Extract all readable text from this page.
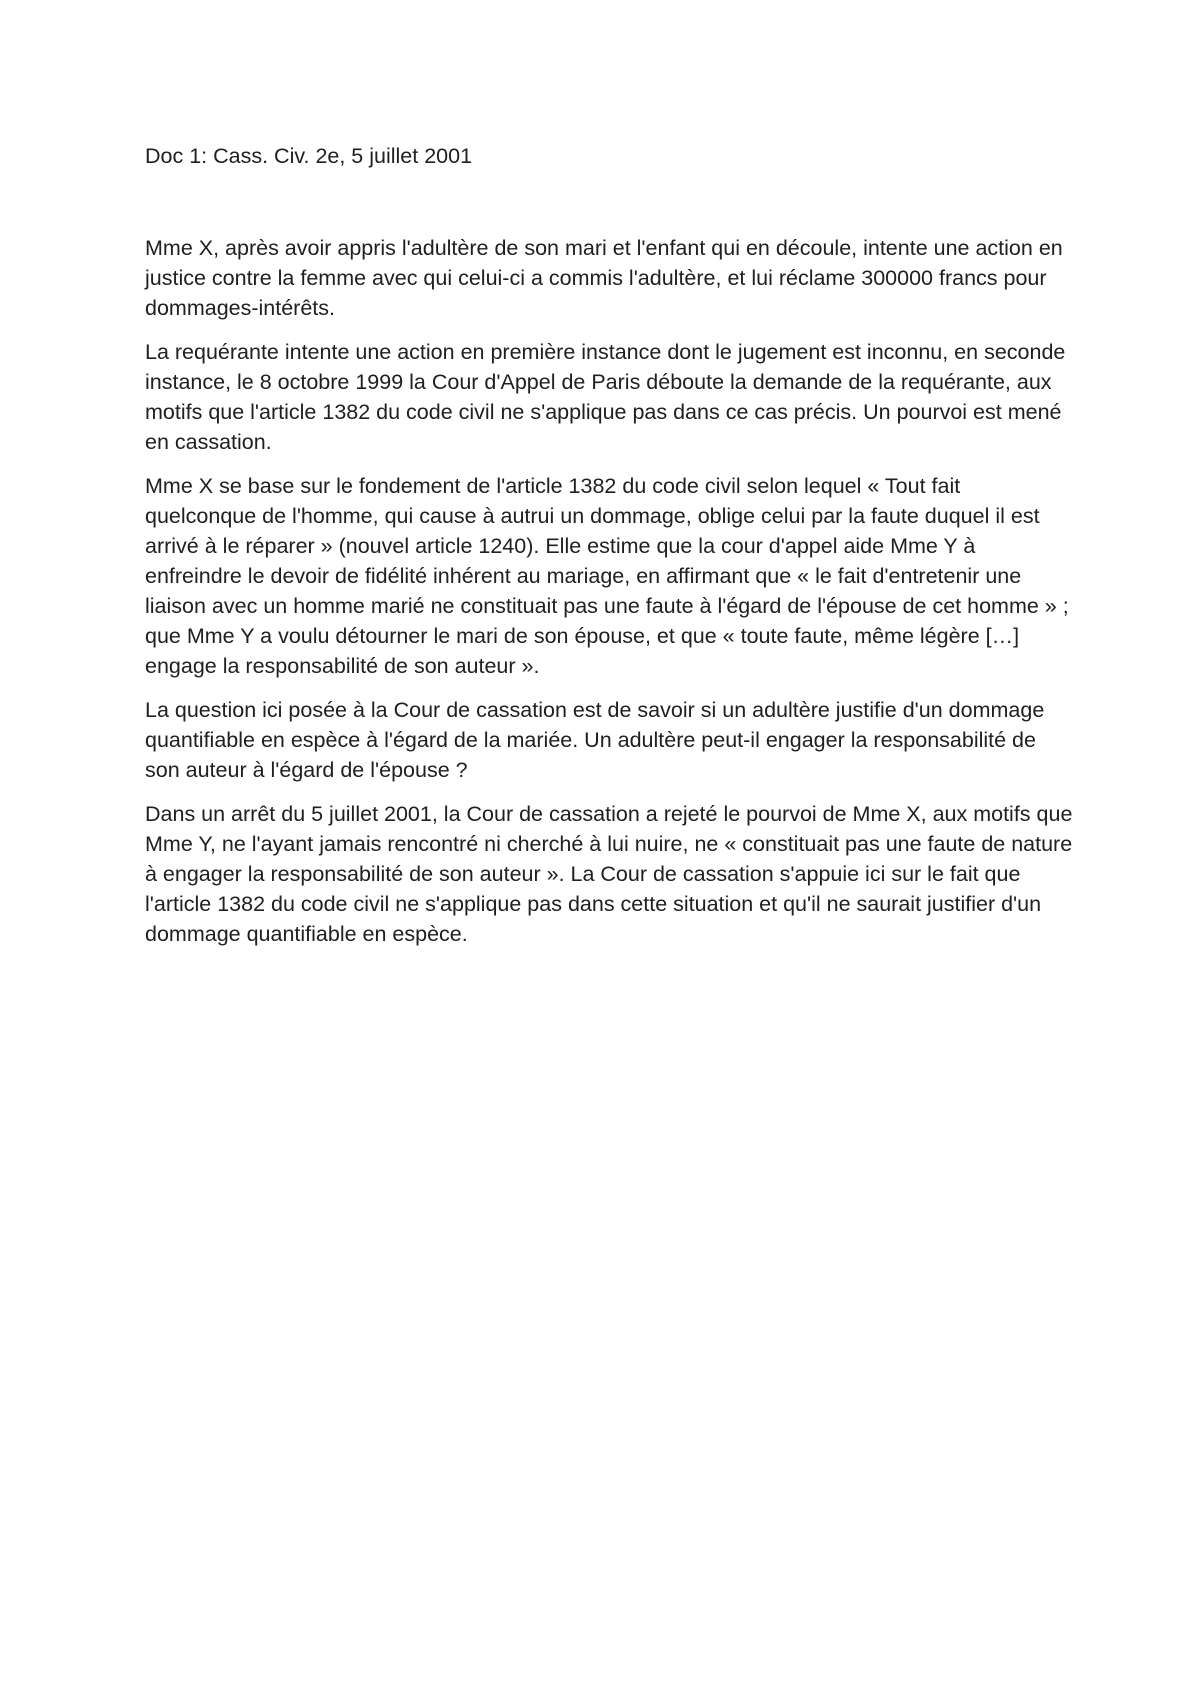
Doc 1: Cass. Civ. 2e, 5 juillet 2001

Mme X, après avoir appris l'adultère de son mari et l'enfant qui en découle, intente une action en justice contre la femme avec qui celui-ci a commis l'adultère, et lui réclame 300000 francs pour dommages-intérêts.

La requérante intente une action en première instance dont le jugement est inconnu, en seconde instance, le 8 octobre 1999 la Cour d'Appel de Paris déboute la demande de la requérante, aux motifs que l'article 1382 du code civil ne s'applique pas dans ce cas précis. Un pourvoi est mené en cassation.

Mme X se base sur le fondement de l'article 1382 du code civil selon lequel « Tout fait quelconque de l'homme, qui cause à autrui un dommage, oblige celui par la faute duquel il est arrivé à le réparer » (nouvel article 1240). Elle estime que la cour d'appel aide Mme Y à enfreindre le devoir de fidélité inhérent au mariage, en affirmant que « le fait d'entretenir une liaison avec un homme marié ne constituait pas une faute à l'égard de l'épouse de cet homme » ; que Mme Y a voulu détourner le mari de son épouse, et que « toute faute, même légère […] engage la responsabilité de son auteur ».

La question ici posée à la Cour de cassation est de savoir si un adultère justifie d'un dommage quantifiable en espèce à l'égard de la mariée. Un adultère peut-il engager la responsabilité de son auteur à l'égard de l'épouse ?

Dans un arrêt du 5 juillet 2001, la Cour de cassation a rejeté le pourvoi de Mme X, aux motifs que Mme Y, ne l'ayant jamais rencontré ni cherché à lui nuire, ne « constituait pas une faute de nature à engager la responsabilité de son auteur ». La Cour de cassation s'appuie ici sur le fait que l'article 1382 du code civil ne s'applique pas dans cette situation et qu'il ne saurait justifier d'un dommage quantifiable en espèce.
